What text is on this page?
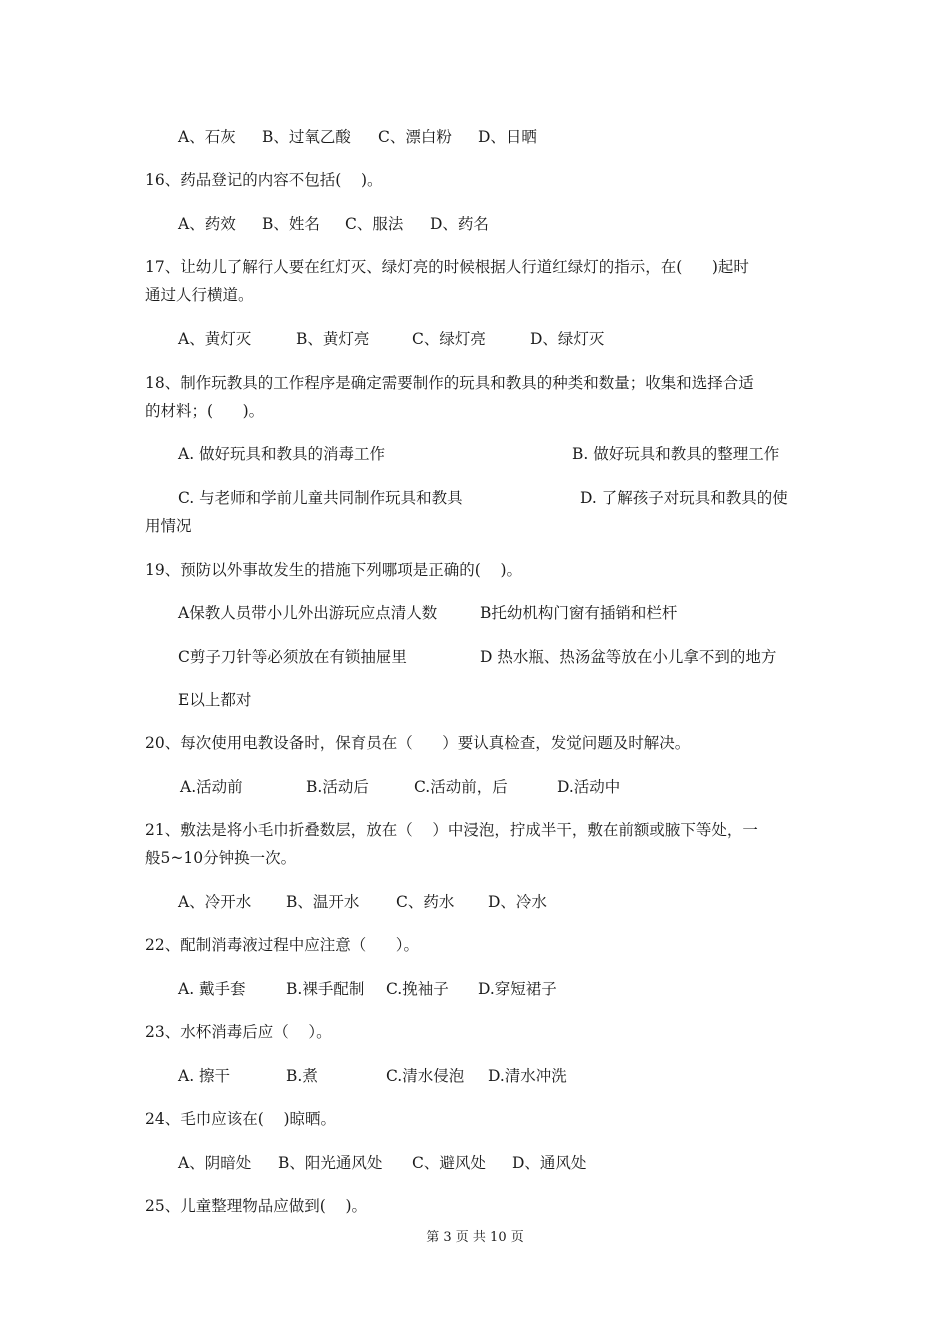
A、石灰 B、过氧乙酸 C、漂白粉 D、日晒
16、药品登记的内容不包括(    )。
A、药效 B、姓名 C、服法 D、药名
17、让幼儿了解行人要在红灯灭、绿灯亮的时候根据人行道红绿灯的指示，在(      )起时
通过人行横道。
A、黄灯灭	B、黄灯亮	C、绿灯亮	D、绿灯灭
18、制作玩教具的工作程序是确定需要制作的玩具和教具的种类和数量；收集和选择合适
的材料；(      )。
A. 做好玩具和教具的消毒工作	B. 做好玩具和教具的整理工作
C. 与老师和学前儿童共同制作玩具和教具	D. 了解孩子对玩具和教具的使
用情况
19、预防以外事故发生的措施下列哪项是正确的(    )。
A保教人员带小儿外出游玩应点清人数	B托幼机构门窗有插销和栏杆
C剪子刀针等必须放在有锁抽屉里	D 热水瓶、热汤盆等放在小儿拿不到的地方
E以上都对
20、每次使用电教设备时，保育员在（      ）要认真检查，发觉问题及时解决。
A.活动前	B.活动后	C.活动前，后	D.活动中
21、敷法是将小毛巾折叠数层，放在（    ）中浸泡，拧成半干，敷在前额或腋下等处，一
般5~10分钟换一次。
A、冷开水 B、温开水 C、药水 D、冷水
22、配制消毒液过程中应注意（      ）。
A. 戴手套	B.裸手配制 C.挽袖子 D.穿短裙子
23、水杯消毒后应（    ）。
A. 擦干	B.煮	C.清水侵泡 D.清水冲洗
24、毛巾应该在(    )晾晒。
A、阴暗处 B、阳光通风处 C、避风处 D、通风处
25、儿童整理物品应做到(    )。
第 3 页 共 10 页
